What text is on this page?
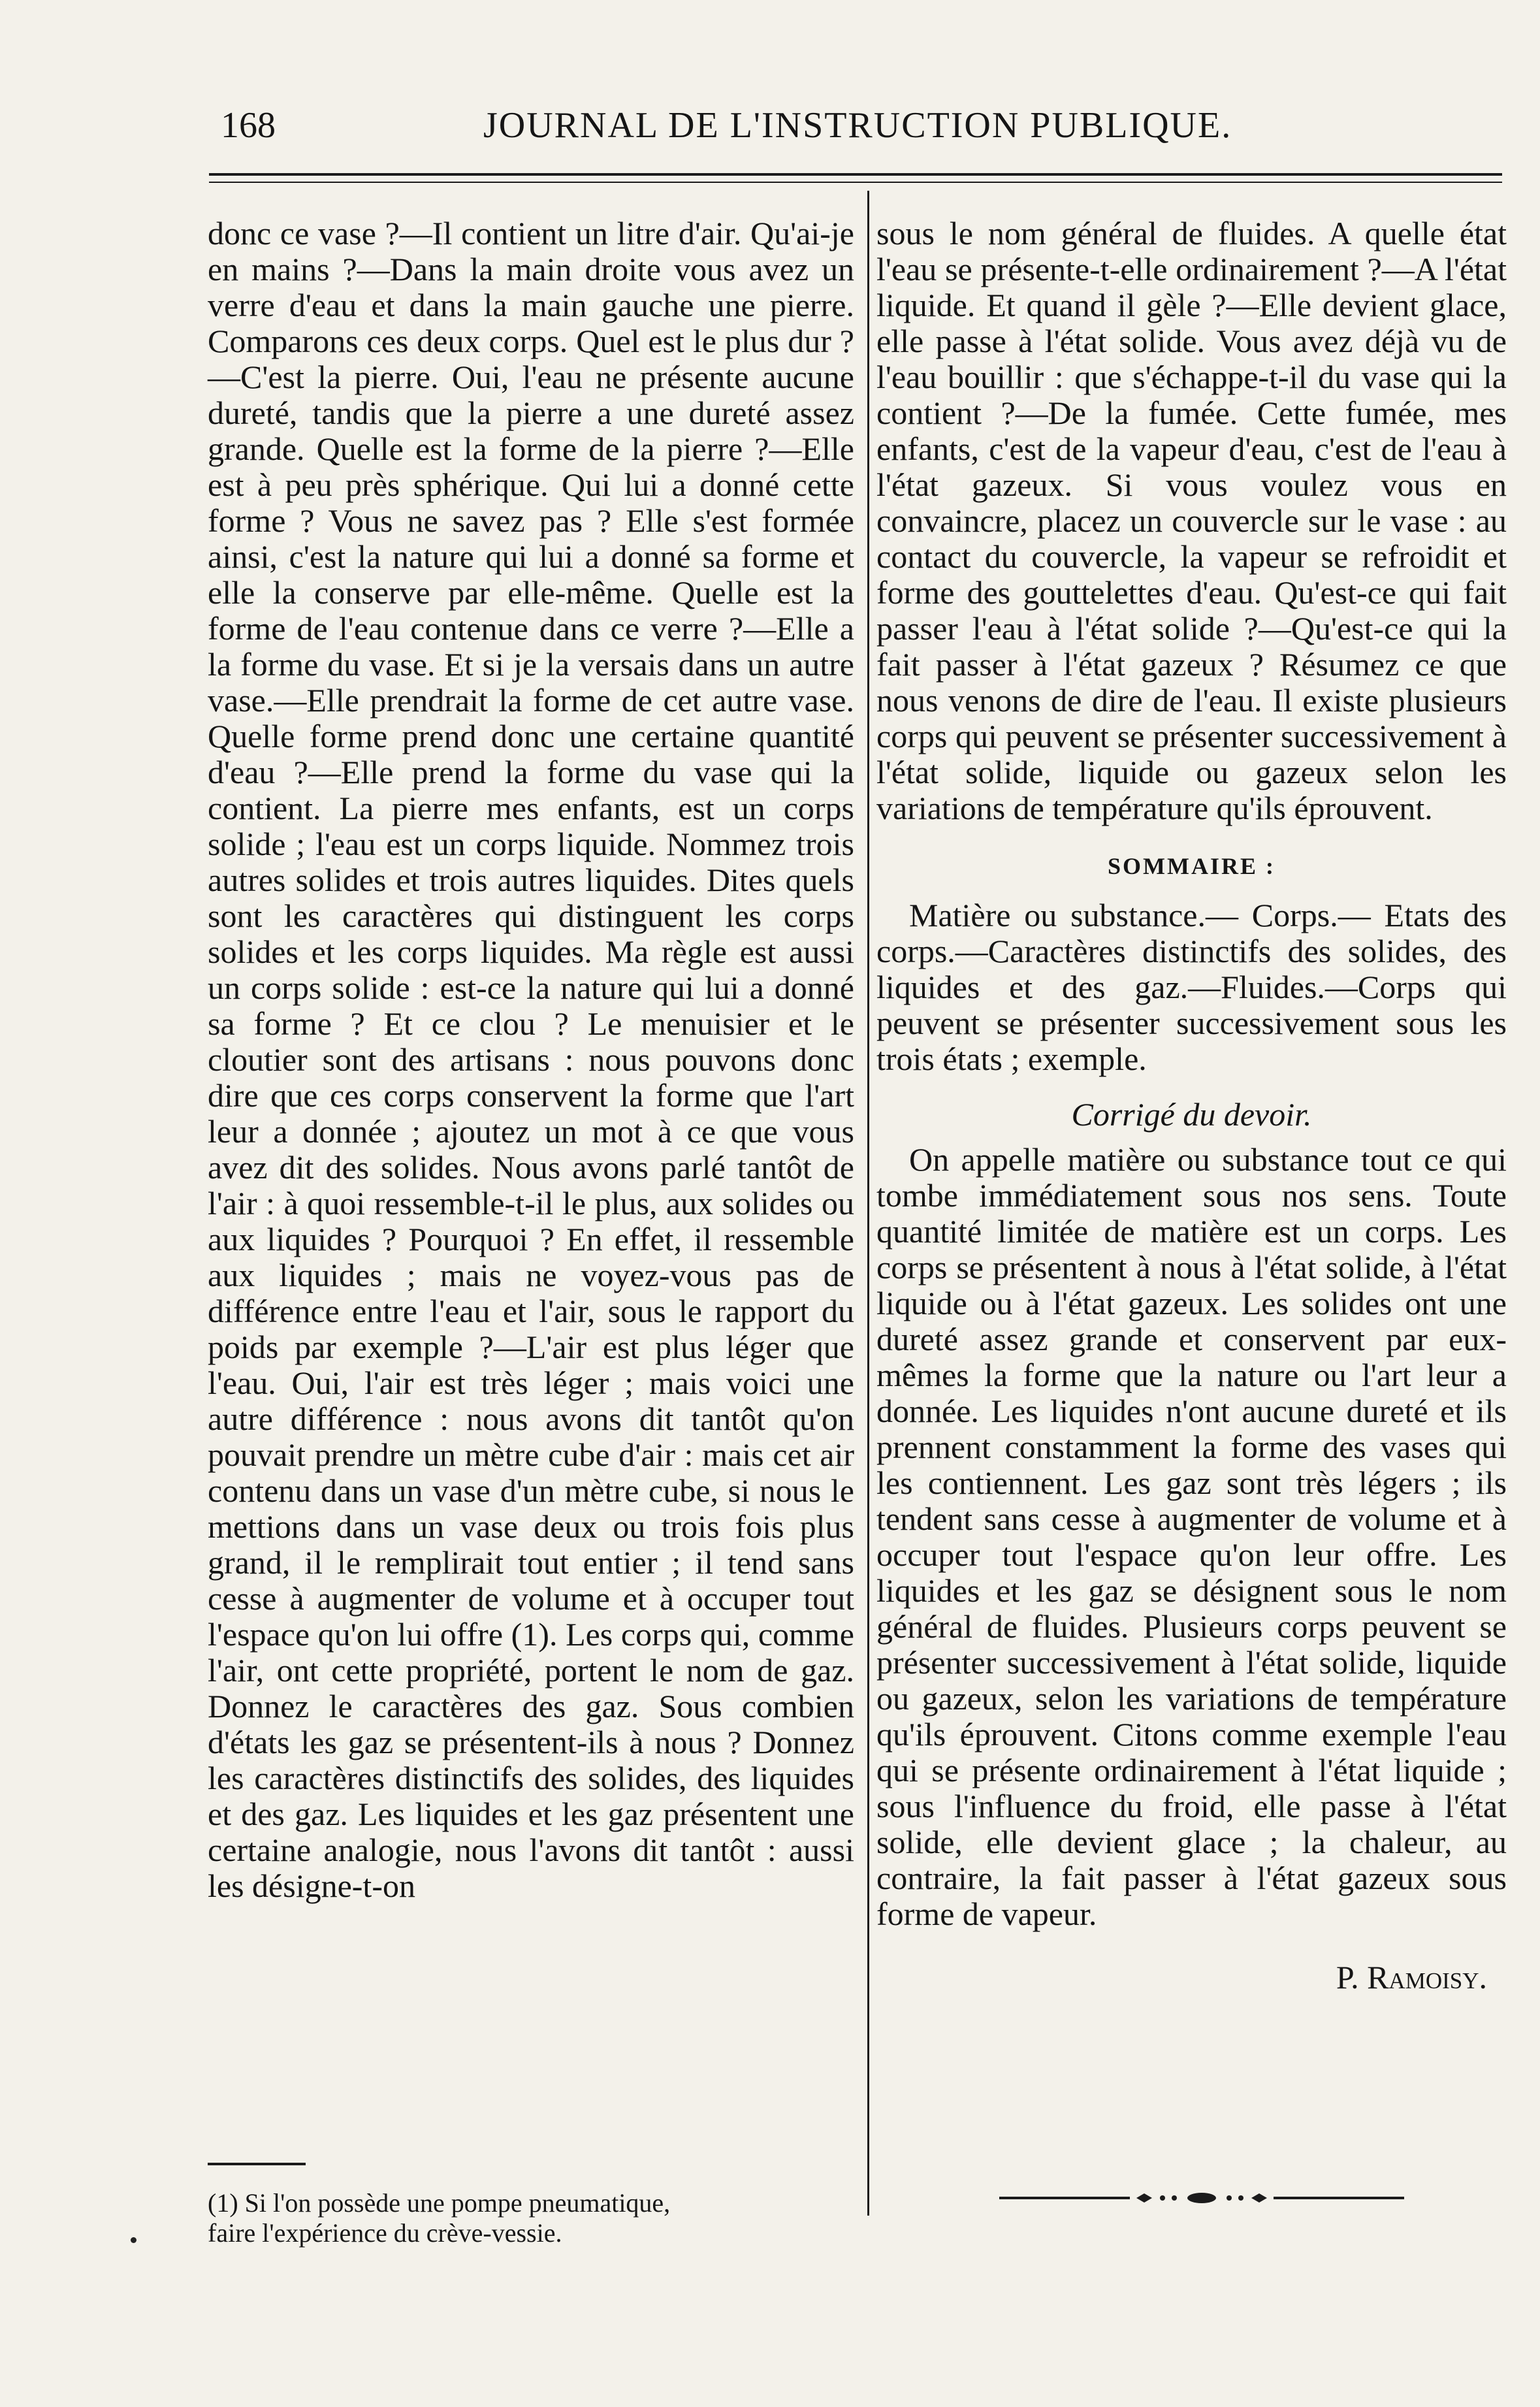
168	JOURNAL DE L'INSTRUCTION PUBLIQUE.

donc ce vase ?—Il contient un litre d'air. Qu'ai-je en mains ?—Dans la main droite vous avez un verre d'eau et dans la main gauche une pierre. Comparons ces deux corps. Quel est le plus dur ?—C'est la pierre. Oui, l'eau ne présente aucune dureté, tandis que la pierre a une dureté assez grande. Quelle est la forme de la pierre ?—Elle est à peu près sphérique. Qui lui a donné cette forme ? Vous ne savez pas ? Elle s'est formée ainsi, c'est la nature qui lui a donné sa forme et elle la conserve par elle-même. Quelle est la forme de l'eau contenue dans ce verre ?—Elle a la forme du vase. Et si je la versais dans un autre vase.—Elle prendrait la forme de cet autre vase. Quelle forme prend donc une certaine quantité d'eau ?—Elle prend la forme du vase qui la contient. La pierre mes enfants, est un corps solide ; l'eau est un corps liquide. Nommez trois autres solides et trois autres liquides. Dites quels sont les caractères qui distinguent les corps solides et les corps liquides. Ma règle est aussi un corps solide : est-ce la nature qui lui a donné sa forme ? Et ce clou ? Le menuisier et le cloutier sont des artisans : nous pouvons donc dire que ces corps conservent la forme que l'art leur a donnée ; ajoutez un mot à ce que vous avez dit des solides. Nous avons parlé tantôt de l'air : à quoi ressemble-t-il le plus, aux solides ou aux liquides ? Pourquoi ? En effet, il ressemble aux liquides ; mais ne voyez-vous pas de différence entre l'eau et l'air, sous le rapport du poids par exemple ?—L'air est plus léger que l'eau. Oui, l'air est très léger ; mais voici une autre différence : nous avons dit tantôt qu'on pouvait prendre un mètre cube d'air : mais cet air contenu dans un vase d'un mètre cube, si nous le mettions dans un vase deux ou trois fois plus grand, il le remplirait tout entier ; il tend sans cesse à augmenter de volume et à occuper tout l'espace qu'on lui offre (1). Les corps qui, comme l'air, ont cette propriété, portent le nom de gaz. Donnez le caractères des gaz. Sous combien d'états les gaz se présentent-ils à nous ? Donnez les caractères distinctifs des solides, des liquides et des gaz. Les liquides et les gaz présentent une certaine analogie, nous l'avons dit tantôt : aussi les désigne-t-on

(1) Si l'on possède une pompe pneumatique,
faire l'expérience du crève-vessie.

sous le nom général de fluides. A quelle état l'eau se présente-t-elle ordinairement ?—A l'état liquide. Et quand il gèle ?—Elle devient glace, elle passe à l'état solide. Vous avez déjà vu de l'eau bouillir : que s'échappe-t-il du vase qui la contient ?—De la fumée. Cette fumée, mes enfants, c'est de la vapeur d'eau, c'est de l'eau à l'état gazeux. Si vous voulez vous en convaincre, placez un couvercle sur le vase : au contact du couvercle, la vapeur se refroidit et forme des gouttelettes d'eau. Qu'est-ce qui fait passer l'eau à l'état solide ?—Qu'est-ce qui la fait passer à l'état gazeux ? Résumez ce que nous venons de dire de l'eau. Il existe plusieurs corps qui peuvent se présenter successivement à l'état solide, liquide ou gazeux selon les variations de température qu'ils éprouvent.

SOMMAIRE :

Matière ou substance.— Corps.— Etats des corps.—Caractères distinctifs des solides, des liquides et des gaz.—Fluides.—Corps qui peuvent se présenter successivement sous les trois états ; exemple.

Corrigé du devoir.

On appelle matière ou substance tout ce qui tombe immédiatement sous nos sens. Toute quantité limitée de matière est un corps. Les corps se présentent à nous à l'état solide, à l'état liquide ou à l'état gazeux. Les solides ont une dureté assez grande et conservent par eux-mêmes la forme que la nature ou l'art leur a donnée. Les liquides n'ont aucune dureté et ils prennent constamment la forme des vases qui les contiennent. Les gaz sont très légers ; ils tendent sans cesse à augmenter de volume et à occuper tout l'espace qu'on leur offre. Les liquides et les gaz se désignent sous le nom général de fluides. Plusieurs corps peuvent se présenter successivement à l'état solide, liquide ou gazeux, selon les variations de température qu'ils éprouvent. Citons comme exemple l'eau qui se présente ordinairement à l'état liquide ; sous l'influence du froid, elle passe à l'état solide, elle devient glace ; la chaleur, au contraire, la fait passer à l'état gazeux sous forme de vapeur.

P. Ramoisy.
